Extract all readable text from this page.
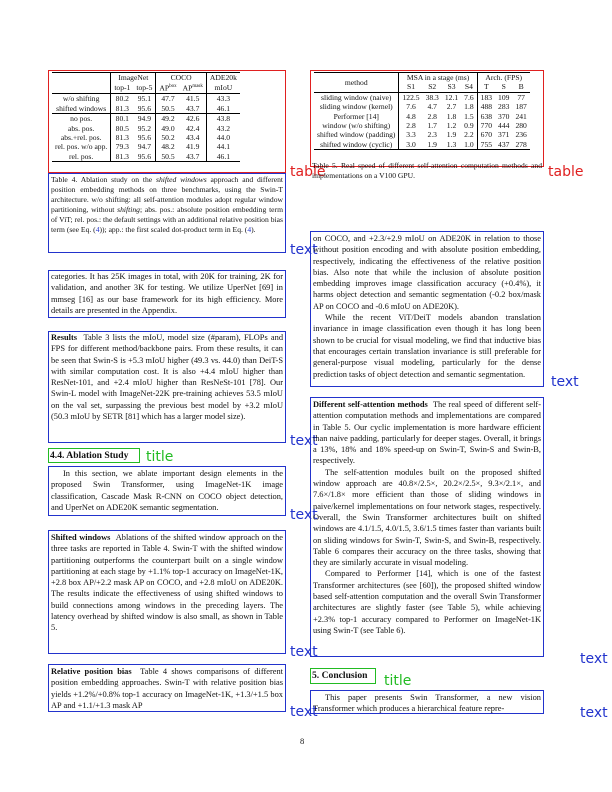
	ImageNet		COCO		ADE20k
	top-1	top-5	$AP^{box}$	$AP^{mask}$	mIoU
w/o shifting	80.2	95.1	47.7	41.5	43.3
shifted windows	81.3	95.6	50.5	43.7	46.1
no pos.	80.1	94.9	49.2	42.6	43.8
abs. pos.	80.5	95.2	49.0	42.4	43.2
abs.+rel. pos.	81.3	95.6	50.2	43.4	44.0
rel. pos. w/o app.	79.3	94.7	48.2	41.9	44.1
rel. pos.	81.3	95.6	50.5	43.7	46.1
table
Table 4. Ablation study on the shifted windows approach and different position embedding methods on three benchmarks, using the Swin-T architecture. w/o shifting: all self-attention modules adopt regular window partitioning, without shifting; abs. pos.: absolute position embedding term of ViT; rel. pos.: the default settings with an additional relative position bias term (see Eq. (4)); app.: the first scaled dot-product term in Eq. (4).
text

categories. It has 25K images in total, with 20K for training, 2K for validation, and another 3K for testing. We utilize UperNet [69] in mmseg [16] as our base framework for its high efficiency. More details are presented in the Appendix.

Results Table 3 lists the mIoU, model size (#param), FLOPs and FPS for different method/backbone pairs. From these results, it can be seen that Swin-S is +5.3 mIoU higher (49.3 vs. 44.0) than DeiT-S with similar computation cost. It is also +4.4 mIoU higher than ResNet-101, and +2.4 mIoU higher than ResNeSt-101 [78]. Our Swin-L model with ImageNet-22K pre-training achieves 53.5 mIoU on the val set, surpassing the previous best model by +3.2 mIoU (50.3 mIoU by SETR [81] which has a larger model size).

text
4.4. Ablation Study	title

In this section, we ablate important design elements in the proposed Swin Transformer, using ImageNet-1K image classification, Cascade Mask R-CNN on COCO object detection, and UperNet on ADE20K semantic segmentation.	text

Shifted windows Ablations of the shifted window approach on the three tasks are reported in Table 4. Swin-T with the shifted window partitioning outperforms the counterpart built on a single window partitioning at each stage by +1.1% top-1 accuracy on ImageNet-1K, +2.8 box AP/+2.2 mask AP on COCO, and +2.8 mIoU on ADE20K. The results indicate the effectiveness of using shifted windows to build connections among windows in the preceding layers. The latency overhead by shifted window is also small, as shown in Table 5.

text

Relative position bias Table 4 shows comparisons of different position embedding approaches. Swin-T with relative position bias yields +1.2%/+0.8% top-1 accuracy on ImageNet-1K, +1.3/+1.5 box AP and +1.1/+1.3 mask AP	text
method	MSA in a stage (ms)				Arch. (FPS)		
	S1	S2	S3	S4	T	S	B
sliding window (naive)	122.5	38.3	12.1	7.6	183	109	77
sliding window (kernel)	7.6	4.7	2.7	1.8	488	283	187
Performer [14]	4.8	2.8	1.8	1.5	638	370	241
window (w/o shifting)	2.8	1.7	1.2	0.9	770	444	280
shifted window (padding)	3.3	2.3	1.9	2.2	670	371	236
shifted window (cyclic)	3.0	1.9	1.3	1.0	755	437	278
table
Table 5. Real speed of different self-attention computation methods and implementations on a V100 GPU.

on COCO, and +2.3/+2.9 mIoU on ADE20K in relation to those without position encoding and with absolute position embedding, respectively, indicating the effectiveness of the relative position bias. Also note that while the inclusion of absolute position embedding improves image classification accuracy (+0.4%), it harms object detection and semantic segmentation (-0.2 box/mask AP on COCO and -0.6 mIoU on ADE20K).

While the recent ViT/DeiT models abandon translation invariance in image classification even though it has long been shown to be crucial for visual modeling, we find that inductive bias that encourages certain translation invariance is still preferable for general-purpose visual modeling, particularly for the dense prediction tasks of object detection and semantic segmentation.	text

Different self-attention methods The real speed of different self-attention computation methods and implementations are compared in Table 5. Our cyclic implementation is more hardware efficient than naive padding, particularly for deeper stages. Overall, it brings a 13%, 18% and 18% speed-up on Swin-T, Swin-S and Swin-B, respectively.

The self-attention modules built on the proposed shifted window approach are 40.8×/2.5×, 20.2×/2.5×, 9.3×/2.1×, and 7.6×/1.8× more efficient than those of sliding windows in naive/kernel implementations on four network stages, respectively. Overall, the Swin Transformer architectures built on shifted windows are 4.1/1.5, 4.0/1.5, 3.6/1.5 times faster than variants built on sliding windows for Swin-T, Swin-S, and Swin-B, respectively. Table 6 compares their accuracy on the three tasks, showing that they are similarly accurate in visual modeling.

Compared to Performer [14], which is one of the fastest Transformer architectures (see [60]), the proposed shifted window based self-attention computation and the overall Swin Transformer architectures are slightly faster (see Table 5), while achieving +2.3% top-1 accuracy compared to Performer on ImageNet-1K using Swin-T (see Table 6).

text
5. Conclusion	title

This paper presents Swin Transformer, a new vision Transformer which produces a hierarchical feature repre-	text
8
